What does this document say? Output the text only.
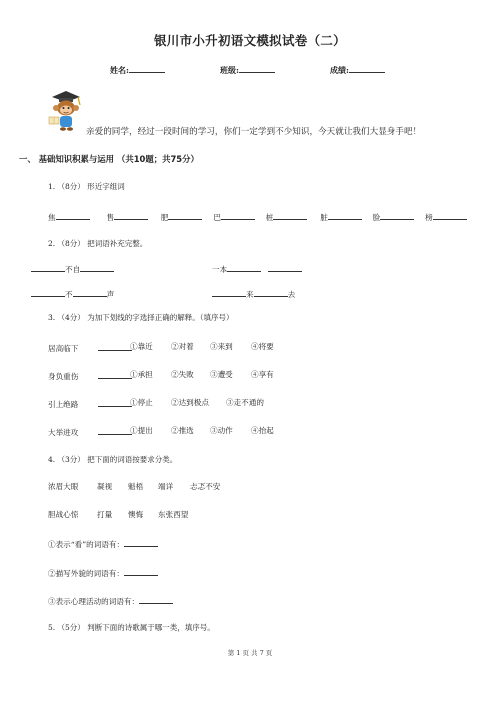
银川市小升初语文模拟试卷（二）
姓名:	班级:	成绩:
亲爱的同学，经过一段时间的学习，你们一定学到不少知识，今天就让我们大显身手吧！
一、 基础知识积累与运用 （共10题；共75分）
1. （8分） 形近字组词
焦	售	肥	巴	桩	脏	脸	榜
2. （8分） 把词语补充完整。
不自	一本
不	声	来	去
3. （4分） 为加下划线的字选择正确的解释。（填序号）
居高临下	①靠近 ②对着 ③来到 ④将要
身负重伤	①承担 ②失败 ③遭受 ④享有
引上绝路	①停止 ②达到极点 ③走不通的
大举进攻	①提出 ②推选 ③动作 ④抬起
4. （3分） 把下面的词语按要求分类。
浓眉大眼 凝视 魁梧 端详 忐忑不安
胆战心惊 打量 懊悔 东张西望
①表示“看”的词语有：
②描写外貌的词语有：
③表示心理活动的词语有：
5. （5分） 判断下面的诗歌属于哪一类，填序号。
第 1 页 共 7 页
